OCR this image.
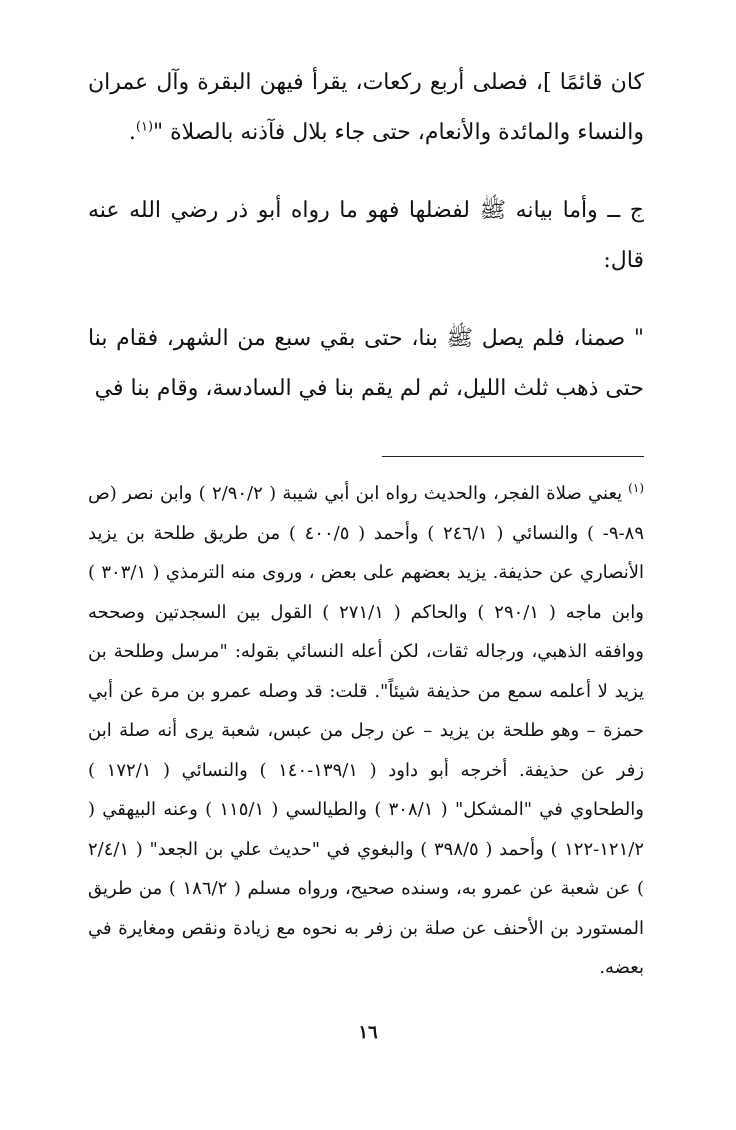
كان قائمًا ]، فصلى أربع ركعات، يقرأ فيهن البقرة وآل عمران والنساء والمائدة والأنعام، حتى جاء بلال فآذنه بالصلاة "$^{(١)}$.

ج ــ وأما بيانه ﷺ لفضلها فهو ما رواه أبو ذر رضي الله عنه قال:

" صمنا، فلم يصل ﷺ بنا، حتى بقي سبع من الشهر، فقام بنا حتى ذهب ثلث الليل، ثم لم يقم بنا في السادسة، وقام بنا في

$^{(١)}$يعني صلاة الفجر، والحديث رواه ابن أبي شيبة ( ٢/٩٠/٢ ) وابن نصر (ص ٨٩-٩- ) والنسائي ( ٢٤٦/١ ) وأحمد ( ٤٠٠/٥ ) من طريق طلحة بن يزيد الأنصاري عن حذيفة. يزيد بعضهم على بعض ، وروى منه الترمذي ( ٣٠٣/١ ) وابن ماجه ( ٢٩٠/١ ) والحاكم ( ٢٧١/١ ) القول بين السجدتين وصححه ووافقه الذهبي، ورجاله ثقات، لكن أعله النسائي بقوله: "مرسل وطلحة بن يزيد لا أعلمه سمع من حذيفة شيئاً". قلت: قد وصله عمرو بن مرة عن أبي حمزة – وهو طلحة بن يزيد – عن رجل من عبس، شعبة يرى أنه صلة ابن زفر عن حذيفة. أخرجه أبو داود ( ١٣٩/١-١٤٠ ) والنسائي ( ١٧٢/١ ) والطحاوي في "المشكل" ( ٣٠٨/١ ) والطيالسي ( ١١٥/١ ) وعنه البيهقي ( ١٢١/٢-١٢٢ ) وأحمد ( ٣٩٨/٥ ) والبغوي في "حديث علي بن الجعد" ( ٢/٤/١ ) عن شعبة عن عمرو به، وسنده صحيح، ورواه مسلم ( ١٨٦/٢ ) من طريق المستورد بن الأحنف عن صلة بن زفر به نحوه مع زيادة ونقص ومغايرة في بعضه.

١٦
